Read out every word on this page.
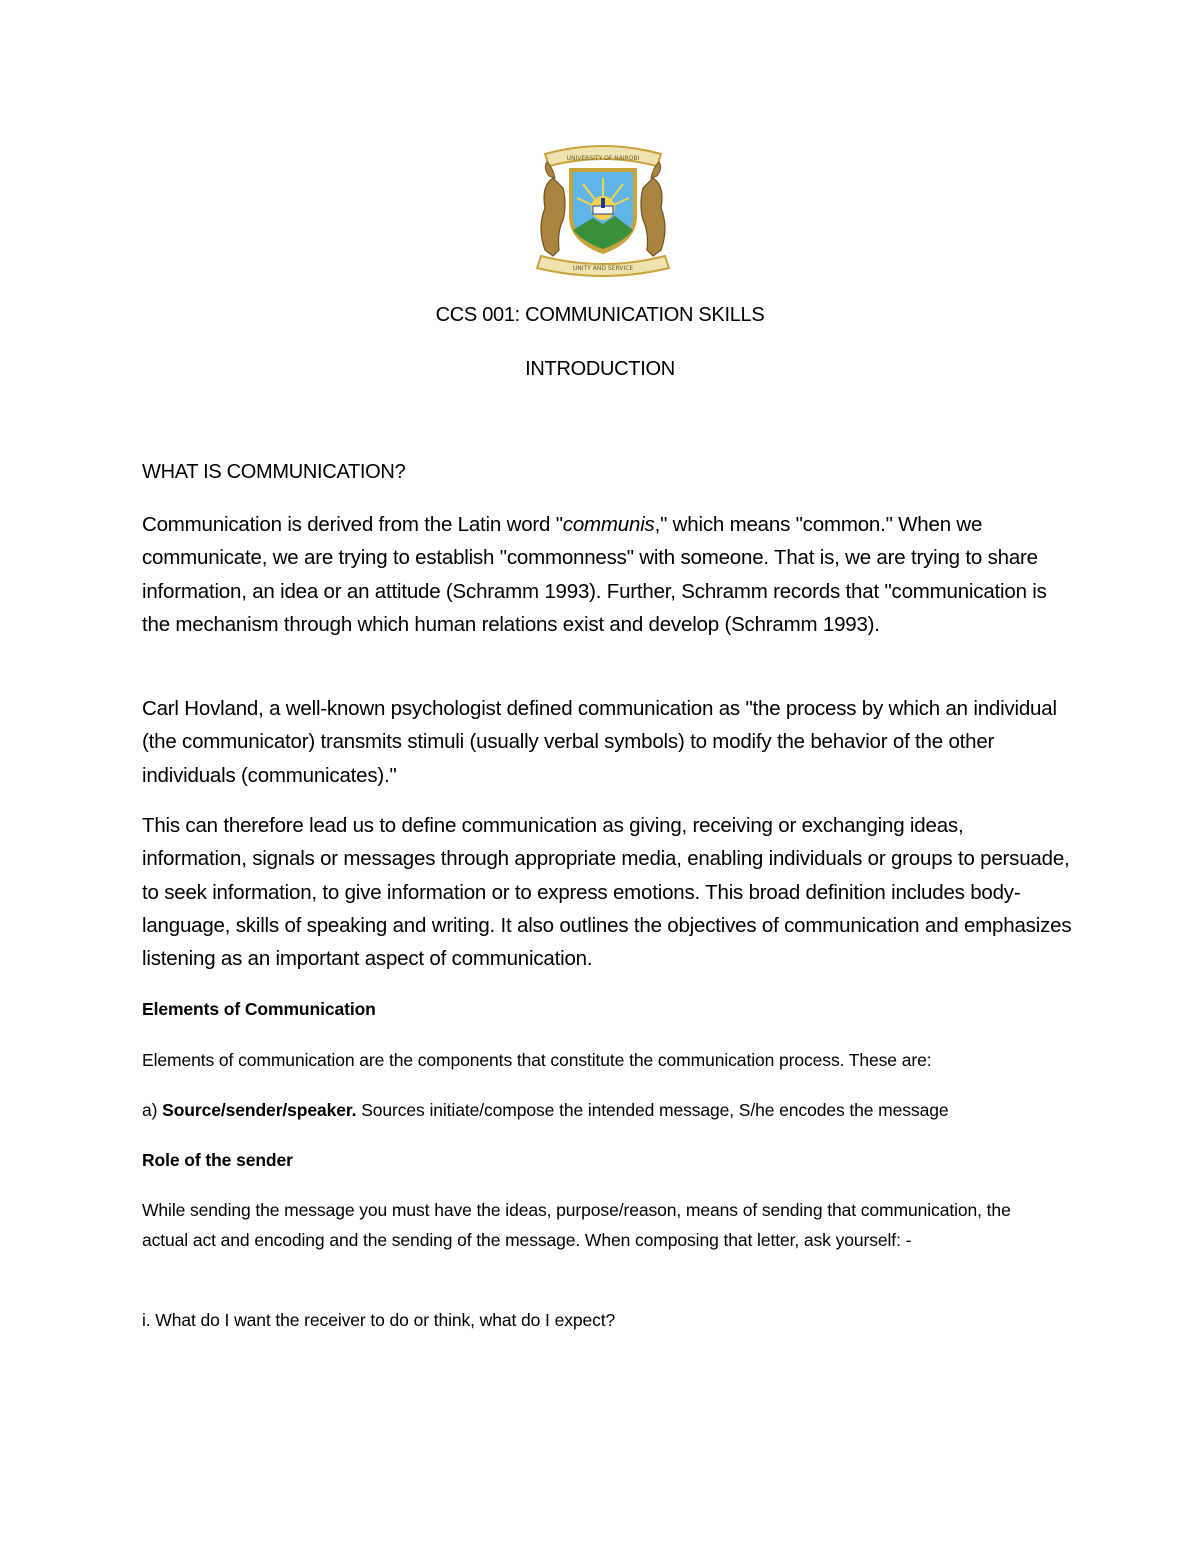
UNIVERSITY OF NAIROBI
UNITY AND SERVICE
CCS 001: COMMUNICATION SKILLS
INTRODUCTION
WHAT IS COMMUNICATION?

Communication is derived from the Latin word "communis," which means "common." When we communicate, we are trying to establish "commonness" with someone. That is, we are trying to share information, an idea or an attitude (Schramm 1993). Further, Schramm records that "communication is the mechanism through which human relations exist and develop (Schramm 1993).

Carl Hovland, a well-known psychologist defined communication as "the process by which an individual (the communicator) transmits stimuli (usually verbal symbols) to modify the behavior of the other individuals (communicates)."

This can therefore lead us to define communication as giving, receiving or exchanging ideas, information, signals or messages through appropriate media, enabling individuals or groups to persuade, to seek information, to give information or to express emotions. This broad definition includes body-language, skills of speaking and writing. It also outlines the objectives of communication and emphasizes listening as an important aspect of communication.

Elements of Communication

Elements of communication are the components that constitute the communication process. These are:

a) Source/sender/speaker. Sources initiate/compose the intended message, S/he encodes the message

Role of the sender

While sending the message you must have the ideas, purpose/reason, means of sending that communication, the actual act and encoding and the sending of the message. When composing that letter, ask yourself: -

i. What do I want the receiver to do or think, what do I expect?
